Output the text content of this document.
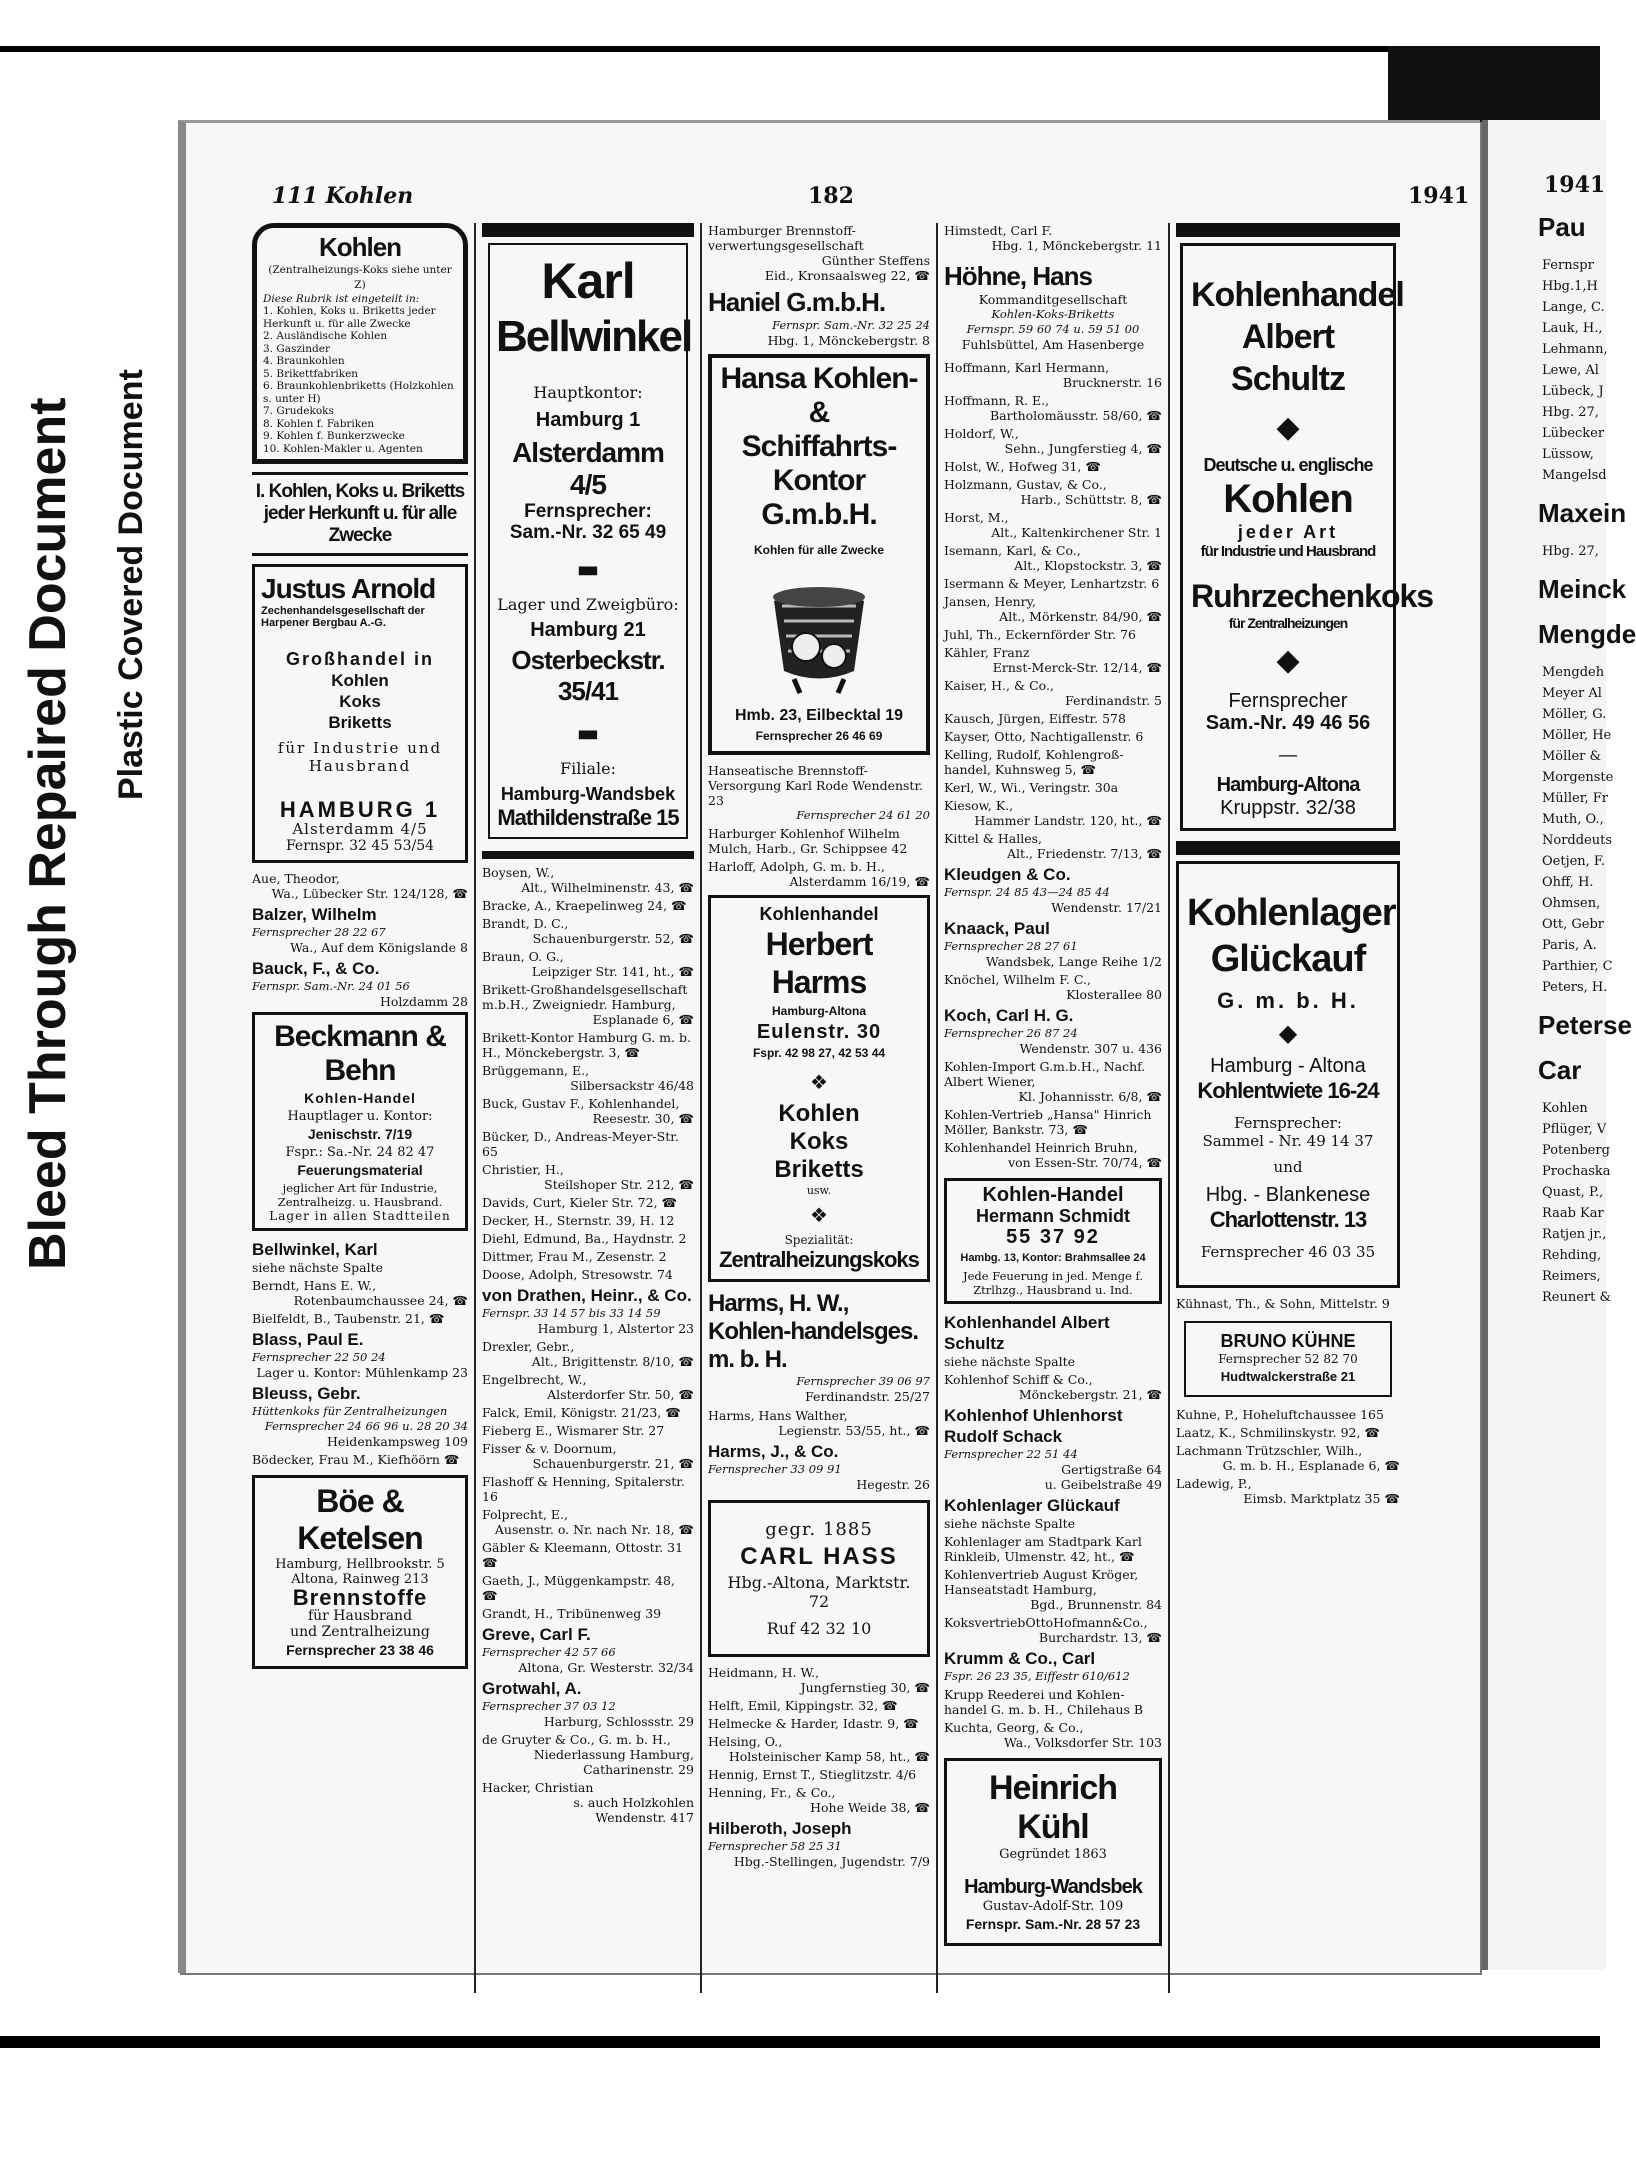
Bleed Through Repaired Document	Plastic Covered Document
111 Kohlen	182	1941
Kohlen
(Zentralheizungs-Koks siehe unter Z)
Diese Rubrik ist eingeteilt in:
1. Kohlen, Koks u. Briketts jeder Herkunft u. für alle Zwecke
2. Ausländische Kohlen
3. Gaszinder
4. Braunkohlen
5. Brikettfabriken
6. Braunkohlenbriketts (Holzkohlen s. unter H)
7. Grudekoks
8. Kohlen f. Fabriken
9. Kohlen f. Bunkerzwecke
10. Kohlen-Makler u. Agenten
I. Kohlen, Koks u. Briketts jeder Herkunft u. für alle Zwecke
Justus Arnold
Zechenhandelsgesellschaft der Harpener Bergbau A.-G.
Großhandel in
Kohlen
Koks
Briketts
für Industrie und Hausbrand
HAMBURG 1
Alsterdamm 4/5
Fernspr. 32 45 53/54
Aue, Theodor,
Wa., Lübecker Str. 124/128, ☎
Balzer, Wilhelm
Fernsprecher 28 22 67
Wa., Auf dem Königslande 8
Bauck, F., & Co.
Fernspr. Sam.-Nr. 24 01 56
Holzdamm 28
Beckmann & Behn
Kohlen-Handel
Hauptlager u. Kontor:
Jenischstr. 7/19
Fspr.: Sa.-Nr. 24 82 47
Feuerungsmaterial
jeglicher Art für Industrie, Zentralheizg. u. Hausbrand.
Lager in allen Stadtteilen
Bellwinkel, Karl
siehe nächste Spalte
Berndt, Hans E. W.,
Rotenbaumchaussee 24, ☎
Bielfeldt, B., Taubenstr. 21, ☎
Blass, Paul E.
Fernsprecher 22 50 24
Lager u. Kontor: Mühlenkamp 23
Bleuss, Gebr.
Hüttenkoks für Zentralheizungen
Fernsprecher 24 66 96 u. 28 20 34
Heidenkampsweg 109
Bödecker, Frau M., Kiefhöörn ☎
Böe & Ketelsen
Hamburg, Hellbrookstr. 5
Altona, Rainweg 213
Brennstoffe
für Hausbrand
und Zentralheizung
Fernsprecher 23 38 46
Karl
Bellwinkel
Hauptkontor:
Hamburg 1
Alsterdamm 4/5
Fernsprecher:
Sam.-Nr. 32 65 49
▬
Lager und Zweigbüro:
Hamburg 21
Osterbeckstr. 35/41
▬
Filiale:
Hamburg-Wandsbek
Mathildenstraße 15
Boysen, W.,
Alt., Wilhelminenstr. 43, ☎
Bracke, A., Kraepelinweg 24, ☎
Brandt, D. C.,
Schauenburgerstr. 52, ☎
Braun, O. G.,
Leipziger Str. 141, ht., ☎
Brikett-Großhandelsgesellschaft m.b.H., Zweigniedr. Hamburg,
Esplanade 6, ☎
Brikett-Kontor Hamburg G. m. b. H., Mönckebergstr. 3, ☎
Brüggemann, E.,
Silbersackstr 46/48
Buck, Gustav F., Kohlenhandel,
Reesestr. 30, ☎
Bücker, D., Andreas-Meyer-Str. 65
Christier, H.,
Steilshoper Str. 212, ☎
Davids, Curt, Kieler Str. 72, ☎
Decker, H., Sternstr. 39, H. 12
Diehl, Edmund, Ba., Haydnstr. 2
Dittmer, Frau M., Zesenstr. 2
Doose, Adolph, Stresowstr. 74
von Drathen, Heinr., & Co.
Fernspr. 33 14 57 bis 33 14 59
Hamburg 1, Alstertor 23
Drexler, Gebr.,
Alt., Brigittenstr. 8/10, ☎
Engelbrecht, W.,
Alsterdorfer Str. 50, ☎
Falck, Emil, Königstr. 21/23, ☎
Fieberg E., Wismarer Str. 27
Fisser & v. Doornum,
Schauenburgerstr. 21, ☎
Flashoff & Henning, Spitalerstr. 16
Folprecht, E.,
Ausenstr. o. Nr. nach Nr. 18, ☎
Gäbler & Kleemann, Ottostr. 31 ☎
Gaeth, J., Müggenkampstr. 48, ☎
Grandt, H., Tribünenweg 39
Greve, Carl F.
Fernsprecher 42 57 66
Altona, Gr. Westerstr. 32/34
Grotwahl, A.
Fernsprecher 37 03 12
Harburg, Schlossstr. 29
de Gruyter & Co., G. m. b. H.,
Niederlassung Hamburg, Catharinenstr. 29
Hacker, Christian
s. auch Holzkohlen
Wendenstr. 417
Hamburger Brennstoff-verwertungsgesellschaft
Günther Steffens
Eid., Kronsaalsweg 22, ☎
Haniel G.m.b.H.
Fernspr. Sam.-Nr. 32 25 24
Hbg. 1, Mönckebergstr. 8
Hansa Kohlen- &
Schiffahrts-Kontor
G.m.b.H.
Kohlen für alle Zwecke
Hmb. 23, Eilbecktal 19
Fernsprecher 26 46 69
Hanseatische Brennstoff-Versorgung Karl Rode Wendenstr. 23
Fernsprecher 24 61 20
Harburger Kohlenhof Wilhelm Mulch, Harb., Gr. Schippsee 42
Harloff, Adolph, G. m. b. H.,
Alsterdamm 16/19, ☎
Kohlenhandel
Herbert Harms
Hamburg-Altona
Eulenstr. 30
Fspr. 42 98 27, 42 53 44
❖
Kohlen
Koks
Briketts
usw.
❖
Spezialität:
Zentralheizungskoks
Harms, H. W., Kohlen-handelsges. m. b. H.
Fernsprecher 39 06 97
Ferdinandstr. 25/27
Harms, Hans Walther,
Legienstr. 53/55, ht., ☎
Harms, J., & Co.
Fernsprecher 33 09 91
Hegestr. 26
gegr. 1885
CARL HASS
Hbg.-Altona, Marktstr. 72
Ruf 42 32 10
Heidmann, H. W.,
Jungfernstieg 30, ☎
Helft, Emil, Kippingstr. 32, ☎
Helmecke & Harder, Idastr. 9, ☎
Helsing, O.,
Holsteinischer Kamp 58, ht., ☎
Hennig, Ernst T., Stieglitzstr. 4/6
Henning, Fr., & Co.,
Hohe Weide 38, ☎
Hilberoth, Joseph
Fernsprecher 58 25 31
Hbg.-Stellingen, Jugendstr. 7/9
Himstedt, Carl F.
Hbg. 1, Mönckebergstr. 11
Höhne, Hans
Kommanditgesellschaft
Kohlen-Koks-Briketts
Fernspr. 59 60 74 u. 59 51 00
Fuhlsbüttel, Am Hasenberge
Hoffmann, Karl Hermann,
Brucknerstr. 16
Hoffmann, R. E.,
Bartholomäusstr. 58/60, ☎
Holdorf, W.,
Sehn., Jungferstieg 4, ☎
Holst, W., Hofweg 31, ☎
Holzmann, Gustav, & Co.,
Harb., Schüttstr. 8, ☎
Horst, M.,
Alt., Kaltenkirchener Str. 1
Isemann, Karl, & Co.,
Alt., Klopstockstr. 3, ☎
Isermann & Meyer, Lenhartzstr. 6
Jansen, Henry,
Alt., Mörkenstr. 84/90, ☎
Juhl, Th., Eckernförder Str. 76
Kähler, Franz
Ernst-Merck-Str. 12/14, ☎
Kaiser, H., & Co.,
Ferdinandstr. 5
Kausch, Jürgen, Eiffestr. 578
Kayser, Otto, Nachtigallenstr. 6
Kelling, Rudolf, Kohlengroß-handel, Kuhnsweg 5, ☎
Kerl, W., Wi., Veringstr. 30a
Kiesow, K.,
Hammer Landstr. 120, ht., ☎
Kittel & Halles,
Alt., Friedenstr. 7/13, ☎
Kleudgen & Co.
Fernspr. 24 85 43—24 85 44
Wendenstr. 17/21
Knaack, Paul
Fernsprecher 28 27 61
Wandsbek, Lange Reihe 1/2
Knöchel, Wilhelm F. C.,
Klosterallee 80
Koch, Carl H. G.
Fernsprecher 26 87 24
Wendenstr. 307 u. 436
Kohlen-Import G.m.b.H., Nachf. Albert Wiener,
Kl. Johannisstr. 6/8, ☎
Kohlen-Vertrieb „Hansa" Hinrich Möller, Bankstr. 73, ☎
Kohlenhandel Heinrich Bruhn,
von Essen-Str. 70/74, ☎
Kohlen-Handel
Hermann Schmidt
55 37 92
Hambg. 13, Kontor: Brahmsallee 24
Jede Feuerung in jed. Menge f. Ztrlhzg., Hausbrand u. Ind.
Kohlenhandel Albert Schultz
siehe nächste Spalte
Kohlenhof Schiff & Co.,
Mönckebergstr. 21, ☎
Kohlenhof Uhlenhorst Rudolf Schack
Fernsprecher 22 51 44
Gertigstraße 64
u. Geibelstraße 49
Kohlenlager Glückauf
siehe nächste Spalte
Kohlenlager am Stadtpark Karl Rinkleib, Ulmenstr. 42, ht., ☎
Kohlenvertrieb August Kröger, Hanseatstadt Hamburg,
Bgd., Brunnenstr. 84
KoksvertriebOttoHofmann&Co.,
Burchardstr. 13, ☎
Krumm & Co., Carl
Fspr. 26 23 35, Eiffestr 610/612
Krupp Reederei und Kohlen-handel G. m. b. H., Chilehaus B
Kuchta, Georg, & Co.,
Wa., Volksdorfer Str. 103
Heinrich Kühl
Gegründet 1863
Hamburg-Wandsbek
Gustav-Adolf-Str. 109
Fernspr. Sam.-Nr. 28 57 23
Kohlenhandel
Albert Schultz
◆
Deutsche u. englische
Kohlen
jeder Art
für Industrie und Hausbrand
Ruhrzechenkoks
für Zentralheizungen
◆
Fernsprecher
Sam.-Nr. 49 46 56
—
Hamburg-Altona
Kruppstr. 32/38
Kohlenlager
Glückauf
G. m. b. H.
◆
Hamburg - Altona
Kohlentwiete 16-24
Fernsprecher:
Sammel - Nr. 49 14 37
und
Hbg. - Blankenese
Charlottenstr. 13
Fernsprecher 46 03 35
Kühnast, Th., & Sohn, Mittelstr. 9
BRUNO KÜHNE
Fernsprecher 52 82 70
Hudtwalckerstraße 21
Kuhne, P., Hoheluftchaussee 165
Laatz, K., Schmilinskystr. 92, ☎
Lachmann Trützschler, Wilh.,
G. m. b. H., Esplanade 6, ☎
Ladewig, P.,
Eimsb. Marktplatz 35 ☎
1941
Pau
Fernspr
Hbg.1,H
Lange, C.
Lauk, H.,
Lehmann,
Lewe, Al
Lübeck, J
Hbg. 27,
Lübecker
Lüssow,
Mangelsd
Maxein
Hbg. 27,
Meinck
Mengde
Mengdeh
Meyer Al
Möller, G.
Möller, He
Möller &
Morgenste
Müller, Fr
Muth, O.,
Norddeuts
Oetjen, F.
Ohff, H.
Ohmsen,
Ott, Gebr
Paris, A.
Parthier, C
Peters, H.
Peterse
Car
Kohlen
Pflüger, V
Potenberg
Prochaska
Quast, P.,
Raab Kar
Ratjen jr.,
Rehding,
Reimers,
Reunert &
